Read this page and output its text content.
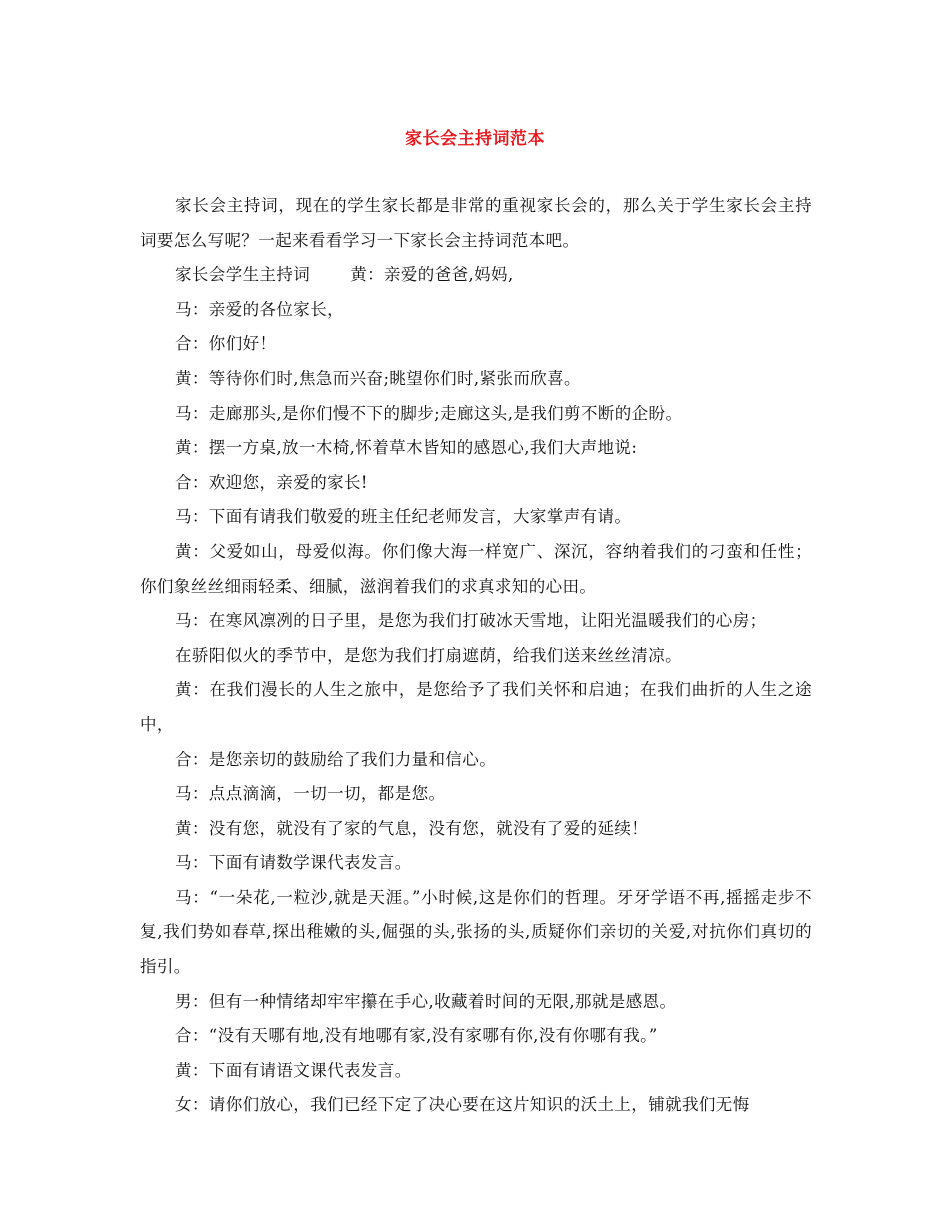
家长会主持词范本

家长会主持词，现在的学生家长都是非常的重视家长会的，那么关于学生家长会主持词要怎么写呢？一起来看看学习一下家长会主持词范本吧。

家长会学生主持词 黄：亲爱的爸爸,妈妈,

马：亲爱的各位家长，

合：你们好！

黄：等待你们时,焦急而兴奋;眺望你们时,紧张而欣喜。

马：走廊那头,是你们慢不下的脚步;走廊这头,是我们剪不断的企盼。

黄：摆一方桌,放一木椅,怀着草木皆知的感恩心,我们大声地说:

合：欢迎您，亲爱的家长!

马：下面有请我们敬爱的班主任纪老师发言，大家掌声有请。

黄：父爱如山，母爱似海。你们像大海一样宽广、深沉，容纳着我们的刁蛮和任性；你们象丝丝细雨轻柔、细腻，滋润着我们的求真求知的心田。

马：在寒风凛冽的日子里，是您为我们打破冰天雪地，让阳光温暖我们的心房；

在骄阳似火的季节中，是您为我们打扇遮荫，给我们送来丝丝清凉。

黄：在我们漫长的人生之旅中，是您给予了我们关怀和启迪；在我们曲折的人生之途中，

合：是您亲切的鼓励给了我们力量和信心。

马：点点滴滴，一切一切，都是您。

黄：没有您，就没有了家的气息，没有您，就没有了爱的延续！

马：下面有请数学课代表发言。

马：“一朵花,一粒沙,就是天涯。”小时候,这是你们的哲理。牙牙学语不再,摇摇走步不复,我们势如春草,探出稚嫩的头,倔强的头,张扬的头,质疑你们亲切的关爱,对抗你们真切的指引。

男：但有一种情绪却牢牢攥在手心,收藏着时间的无限,那就是感恩。

合：“没有天哪有地,没有地哪有家,没有家哪有你,没有你哪有我。”

黄：下面有请语文课代表发言。

女：请你们放心，我们已经下定了决心要在这片知识的沃土上，铺就我们无悔
